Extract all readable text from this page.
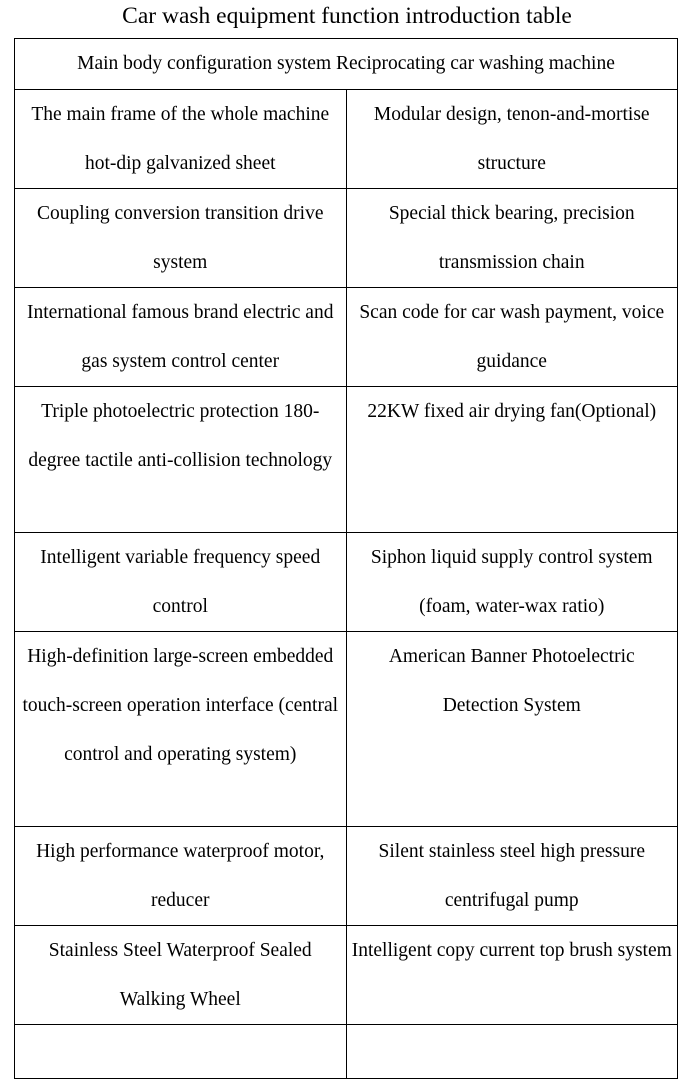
Car wash equipment function introduction table
Main body configuration system Reciprocating car washing machine	
The main frame of the whole machine hot-dip galvanized sheet	Modular design, tenon-and-mortise structure
Coupling conversion transition drive system	Special thick bearing, precision transmission chain
International famous brand electric and gas system control center	Scan code for car wash payment, voice guidance
Triple photoelectric protection 180-degree tactile anti-collision technology	22KW fixed air drying fan(Optional)
Intelligent variable frequency speed control	Siphon liquid supply control system (foam, water-wax ratio)
High-definition large-screen embedded touch-screen operation interface (central control and operating system)	American Banner Photoelectric Detection System
High performance waterproof motor, reducer	Silent stainless steel high pressure centrifugal pump
Stainless Steel Waterproof Sealed Walking Wheel	Intelligent copy current top brush system
